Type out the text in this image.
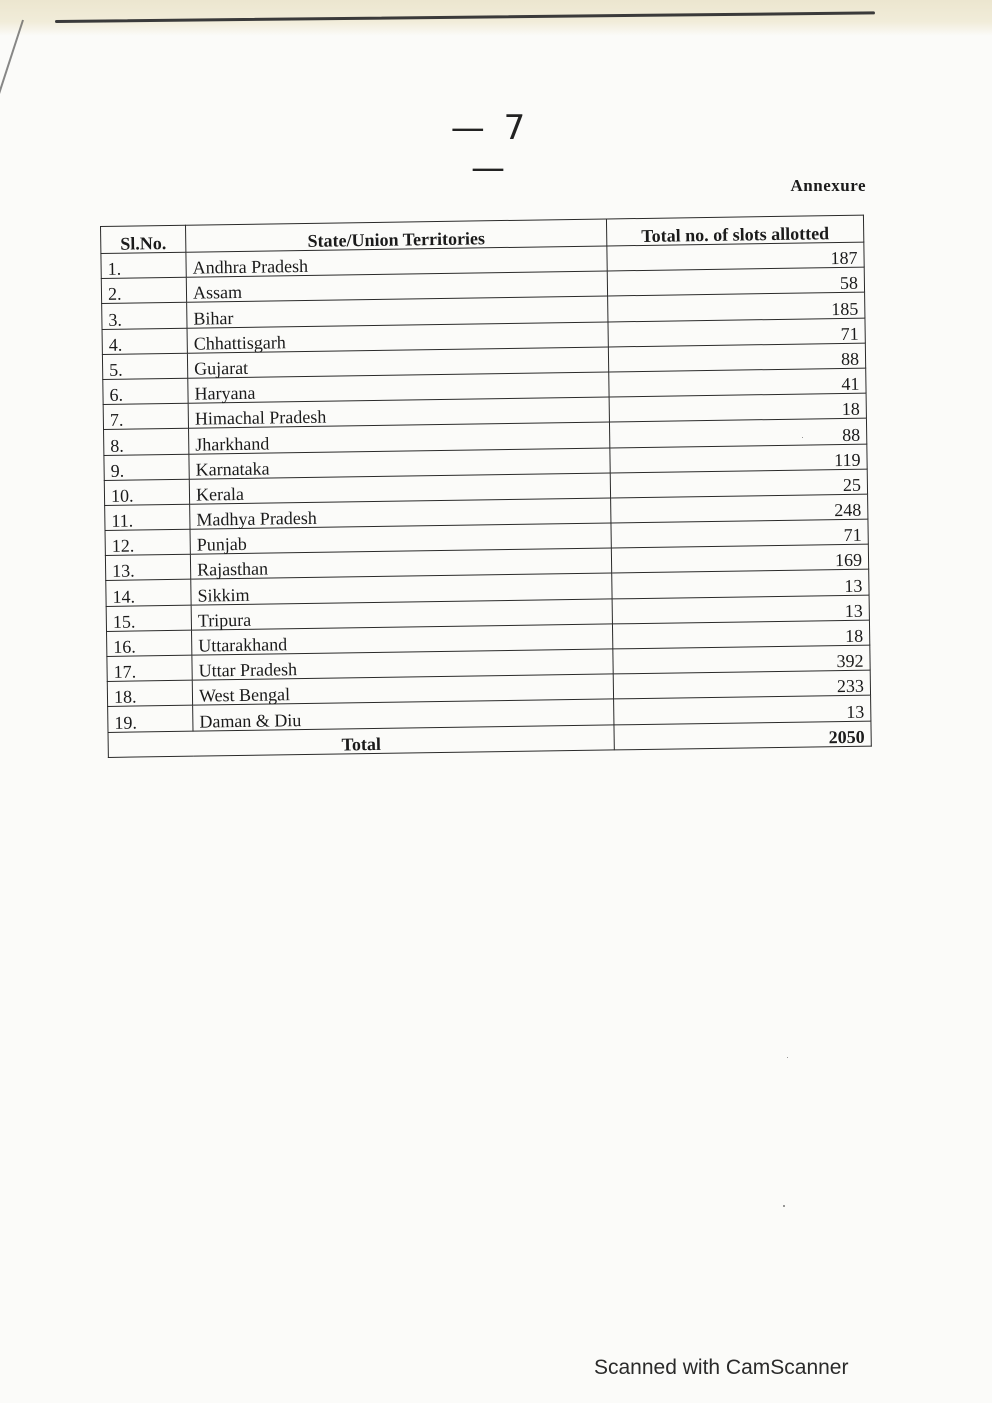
— 7 —	Annexure
Sl.No.	State/Union Territories	Total no. of slots allotted
1.	Andhra Pradesh	187
2.	Assam	58
3.	Bihar	185
4.	Chhattisgarh	71
5.	Gujarat	88
6.	Haryana	41
7.	Himachal Pradesh	18
8.	Jharkhand	88
9.	Karnataka	119
10.	Kerala	25
11.	Madhya Pradesh	248
12.	Punjab	71
13.	Rajasthan	169
14.	Sikkim	13
15.	Tripura	13
16.	Uttarakhand	18
17.	Uttar Pradesh	392
18.	West Bengal	233
19.	Daman & Diu	13
Total		2050
Scanned with CamScanner
